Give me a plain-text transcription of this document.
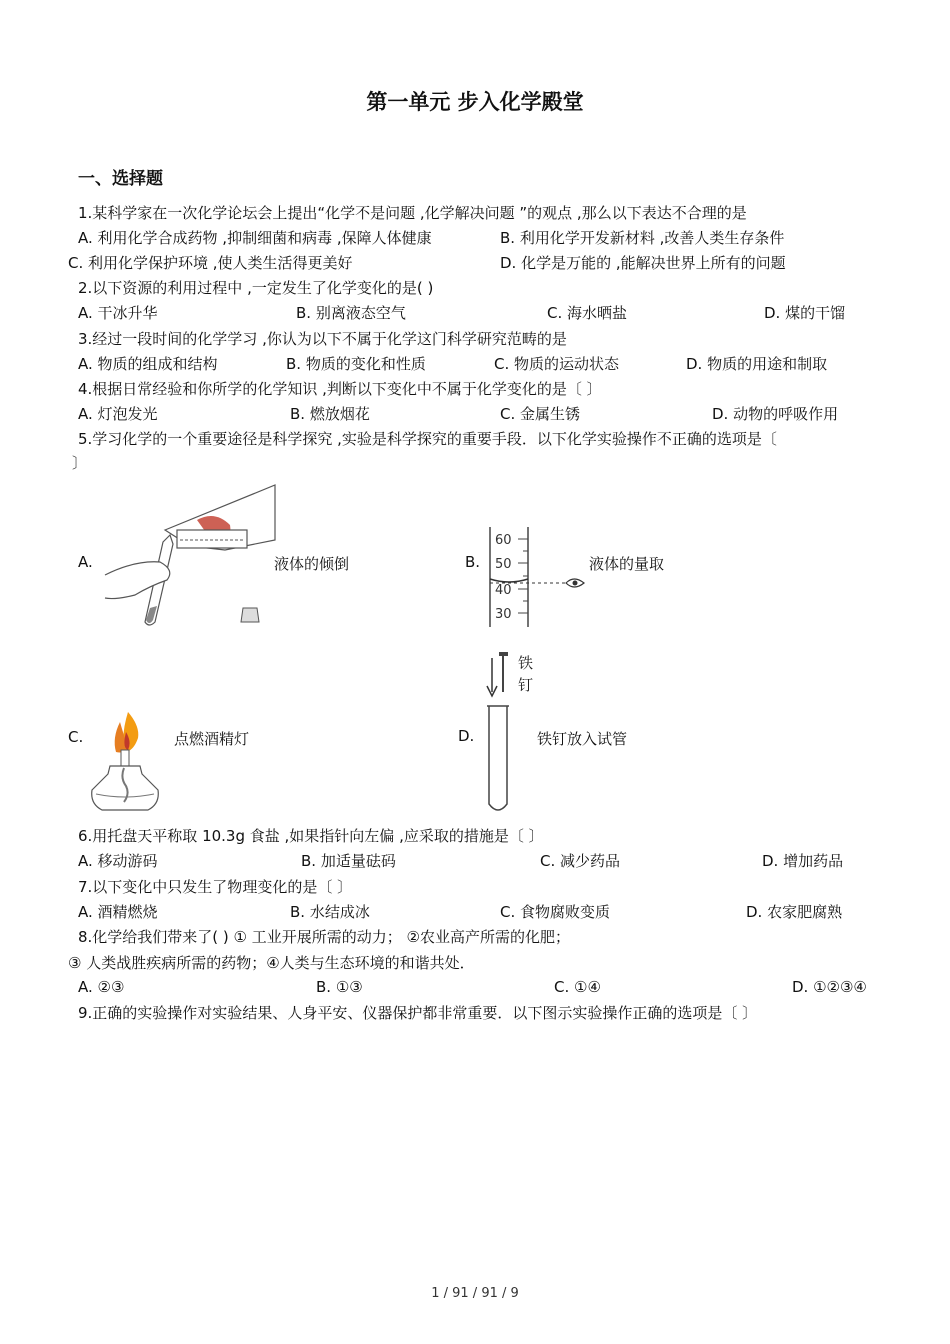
第一单元 步入化学殿堂
一、选择题
1.某科学家在一次化学论坛会上提出“化学不是问题 ,化学解决问题 ”的观点 ,那么以下表达不合理的是
A. 利用化学合成药物 ,抑制细菌和病毒 ,保障人体健康	B. 利用化学开发新材料 ,改善人类生存条件
C. 利用化学保护环境 ,使人类生活得更美好	D. 化学是万能的 ,能解决世界上所有的问题
2.以下资源的利用过程中 ,一定发生了化学变化的是( )
A. 干冰升华	B. 别离液态空气	C. 海水晒盐	D. 煤的干馏
3.经过一段时间的化学学习 ,你认为以下不属于化学这门科学研究范畴的是
A. 物质的组成和结构	B. 物质的变化和性质	C. 物质的运动状态	D. 物质的用途和制取
4.根据日常经验和你所学的化学知识 ,判断以下变化中不属于化学变化的是〔 〕
A. 灯泡发光	B. 燃放烟花	C. 金属生锈	D. 动物的呼吸作用
5.学习化学的一个重要途径是科学探究 ,实验是科学探究的重要手段．以下化学实验操作不正确的选项是〔
〕
A.	液体的倾倒	B.
60
50
40
30
液体的量取
C.	点燃酒精灯	D.
铁
钉
铁钉放入试管
6.用托盘天平称取 10.3g 食盐 ,如果指针向左偏 ,应采取的措施是〔 〕
A. 移动游码	B. 加适量砝码	C. 减少药品	D. 增加药品
7.以下变化中只发生了物理变化的是〔 〕
A. 酒精燃烧	B. 水结成冰	C. 食物腐败变质	D. 农家肥腐熟
8.化学给我们带来了( ) ① 工业开展所需的动力； ②农业高产所需的化肥；
③ 人类战胜疾病所需的药物；④人类与生态环境的和谐共处．
A. ②③	B. ①③	C. ①④	D. ①②③④
9.正确的实验操作对实验结果、人身平安、仪器保护都非常重要．以下图示实验操作正确的选项是〔 〕
1 / 91 / 91 / 9
